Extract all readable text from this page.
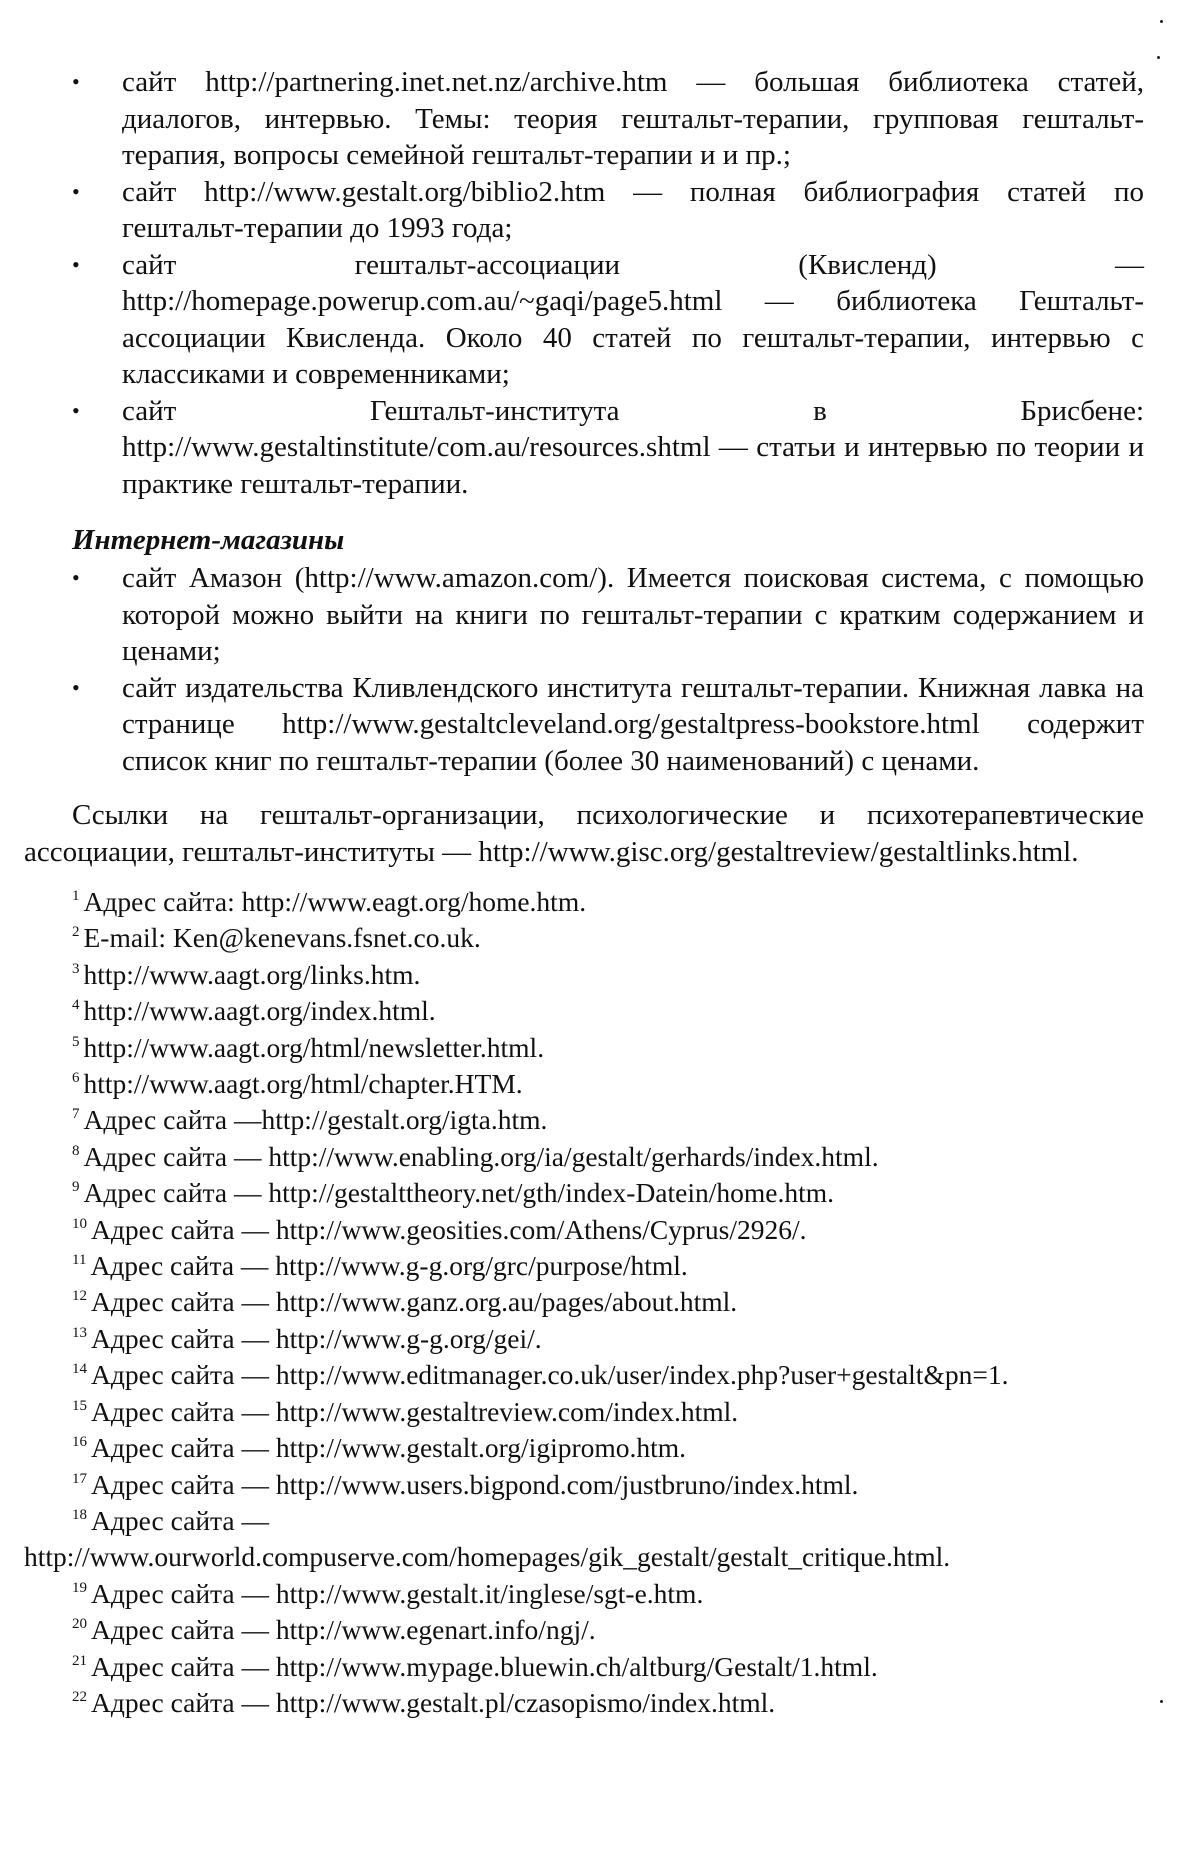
• сайт http://partnering.inet.net.nz/archive.htm — большая библиотека статей, диалогов, интервью. Темы: теория гештальт-терапии, групповая гештальт-терапия, вопросы семейной гештальт-терапии и и пр.;
• сайт http://www.gestalt.org/biblio2.htm — полная библиография статей по гештальт-терапии до 1993 года;
• сайт гештальт-ассоциации (Квисленд) — http://homepage.powerup.com.au/~gaqi/page5.html — библиотека Гештальт-ассоциации Квисленда. Около 40 статей по гештальт-терапии, интервью с классиками и современниками;
• сайт Гештальт-института в Брисбене: http://www.gestaltinstitute/com.au/resources.shtml — статьи и интервью по теории и практике гештальт-терапии.
Интернет-магазины
• сайт Амазон (http://www.amazon.com/). Имеется поисковая система, с помощью которой можно выйти на книги по гештальт-терапии с кратким содержанием и ценами;
• сайт издательства Кливлендского института гештальт-терапии. Книжная лавка на странице http://www.gestaltcleveland.org/gestaltpress-bookstore.html содержит список книг по гештальт-терапии (более 30 наименований) с ценами.

Ссылки на гештальт-организации, психологические и психотерапевтические ассоциации, гештальт-институты — http://www.gisc.org/gestaltreview/gestaltlinks.html.

$^1$ Адрес сайта: http://www.eagt.org/home.htm.
$^2$ E-mail: Ken@kenevans.fsnet.co.uk.
$^3$ http://www.aagt.org/links.htm.
$^4$ http://www.aagt.org/index.html.
$^5$ http://www.aagt.org/html/newsletter.html.
$^6$ http://www.aagt.org/html/chapter.HTM.
$^7$ Адрес сайта —http://gestalt.org/igta.htm.
$^8$ Адрес сайта — http://www.enabling.org/ia/gestalt/gerhards/index.html.
$^9$ Адрес сайта — http://gestalttheory.net/gth/index-Datein/home.htm.
$^{10}$ Адрес сайта — http://www.geosities.com/Athens/Cyprus/2926/.
$^{11}$ Адрес сайта — http://www.g-g.org/grc/purpose/html.
$^{12}$ Адрес сайта — http://www.ganz.org.au/pages/about.html.
$^{13}$ Адрес сайта — http://www.g-g.org/gei/.
$^{14}$ Адрес сайта — http://www.editmanager.co.uk/user/index.php?user+gestalt&pn=1.
$^{15}$ Адрес сайта — http://www.gestaltreview.com/index.html.
$^{16}$ Адрес сайта — http://www.gestalt.org/igipromo.htm.
$^{17}$ Адрес сайта — http://www.users.bigpond.com/justbruno/index.html.
$^{18}$ Адрес сайта — http://www.ourworld.compuserve.com/homepages/gik_gestalt/gestalt_critique.html.
$^{19}$ Адрес сайта — http://www.gestalt.it/inglese/sgt-e.htm.
$^{20}$ Адрес сайта — http://www.egenart.info/ngj/.
$^{21}$ Адрес сайта — http://www.mypage.bluewin.ch/altburg/Gestalt/1.html.
$^{22}$ Адрес сайта — http://www.gestalt.pl/czasopismo/index.html.
